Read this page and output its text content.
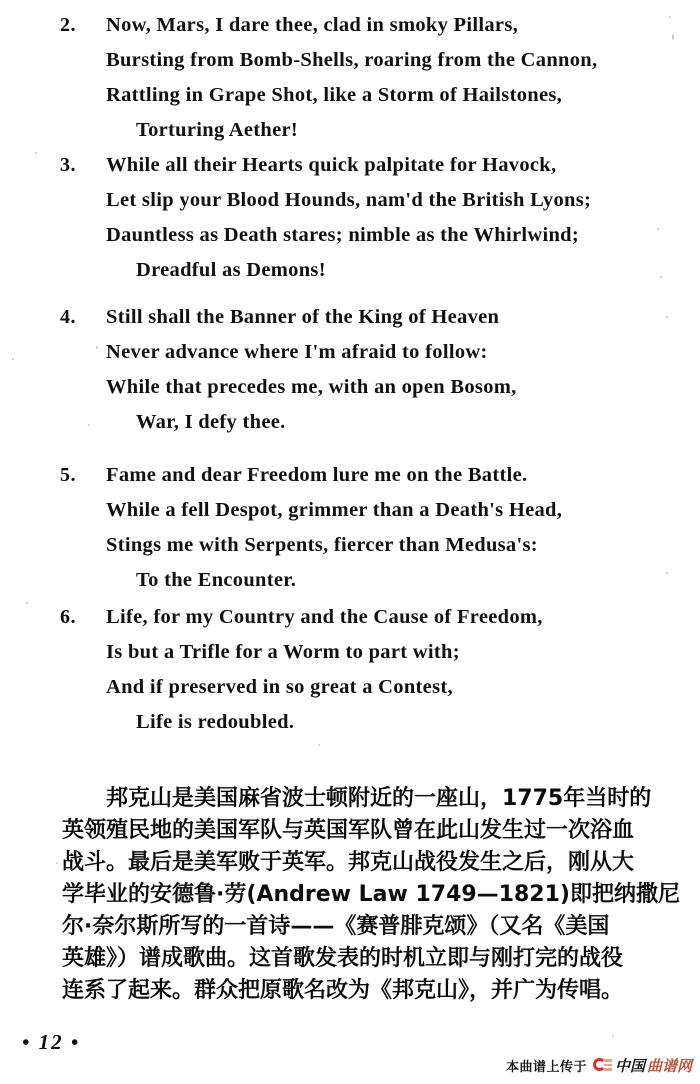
2.	Now, Mars, I dare thee, clad in smoky Pillars,
Bursting from Bomb-Shells, roaring from the Cannon,
Rattling in Grape Shot, like a Storm of Hailstones,
Torturing Aether!
3.	While all their Hearts quick palpitate for Havock,
Let slip your Blood Hounds, nam'd the British Lyons;
Dauntless as Death stares; nimble as the Whirlwind;
Dreadful as Demons!
4.	Still shall the Banner of the King of Heaven
Never advance where I'm afraid to follow:
While that precedes me, with an open Bosom,
War, I defy thee.
5.	Fame and dear Freedom lure me on the Battle.
While a fell Despot, grimmer than a Death's Head,
Stings me with Serpents, fiercer than Medusa's:
To the Encounter.
6.	Life, for my Country and the Cause of Freedom,
Is but a Trifle for a Worm to part with;
And if preserved in so great a Contest,
Life is redoubled.
　　邦克山是美国麻省波士顿附近的一座山，1775年当时的
英领殖民地的美国军队与英国军队曾在此山发生过一次浴血
战斗。最后是美军败于英军。邦克山战役发生之后，刚从大
学毕业的安德鲁·劳(Andrew Law 1749—1821)即把纳撒尼
尔·奈尔斯所写的一首诗——《赛普腓克颂》（又名《美国
英雄》）谱成歌曲。这首歌发表的时机立即与刚打完的战役
连系了起来。群众把原歌名改为《邦克山》，并广为传唱。
• 12 •
本曲谱上传于 中国 曲谱网
